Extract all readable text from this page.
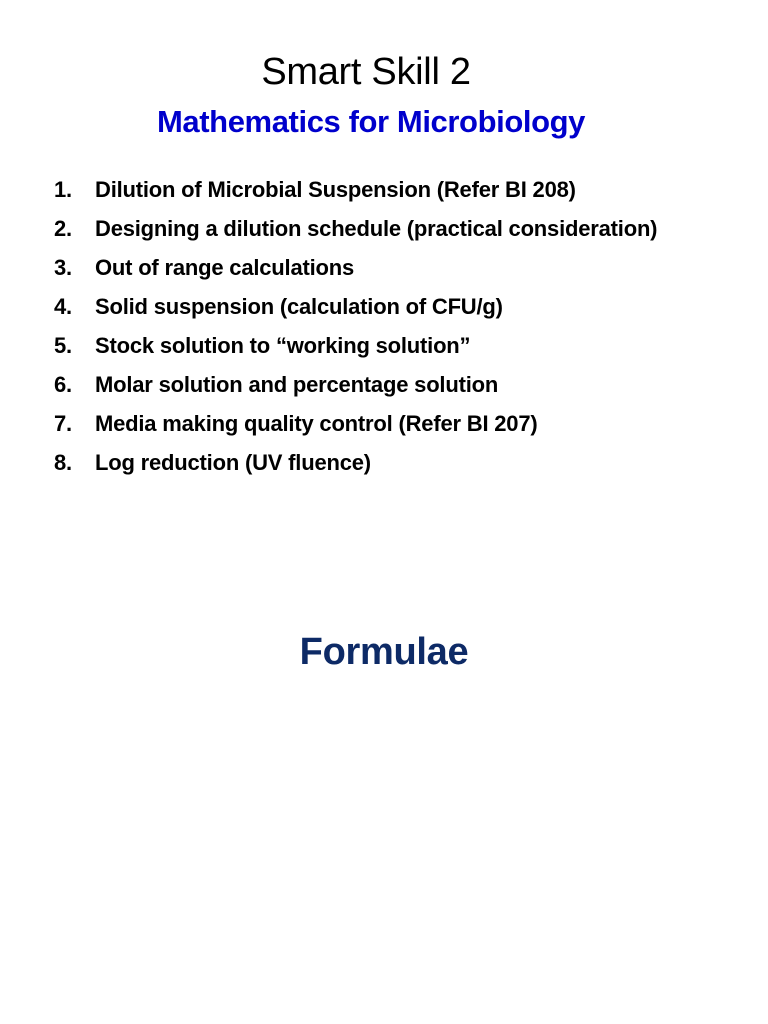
Smart Skill 2
Mathematics for Microbiology
1.	Dilution of Microbial Suspension (Refer BI 208)
2.	Designing a dilution schedule (practical consideration)
3.	Out of range calculations
4.	Solid suspension (calculation of CFU/g)
5.	Stock solution to “working solution”
6.	Molar solution and percentage solution
7.	Media making quality control (Refer BI 207)
8.	Log reduction (UV fluence)
Formulae
